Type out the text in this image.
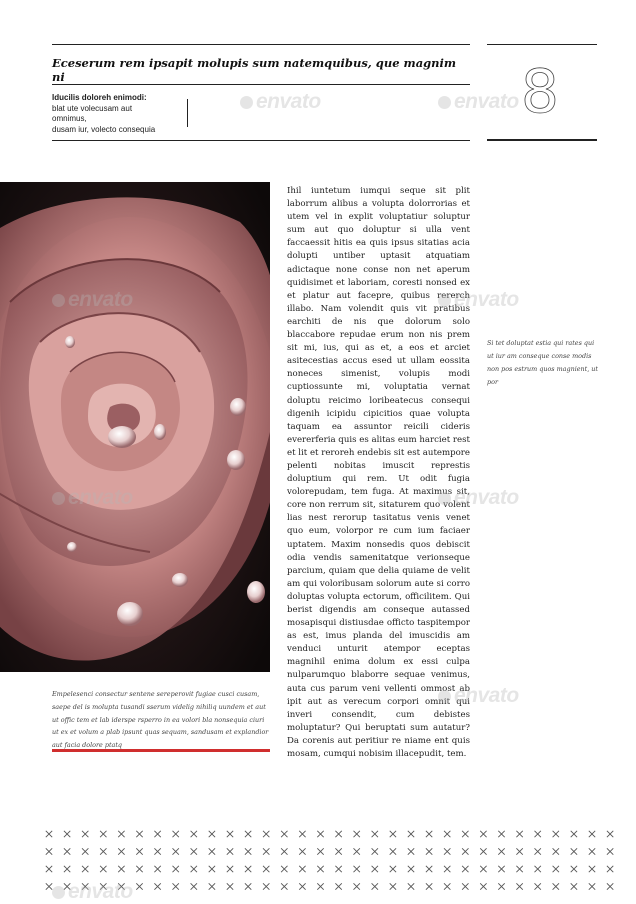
Eceserum rem ipsapit molupis sum natemquibus, que magnim ni
Iducilis doloreh enimodi:
blat ute volecusam aut
omnimus,
dusam iur, volecto consequia
8
Empelesenci consectur sentene sereperovit fugiae cusci cusam, saepe del is molupta tusandi sserum videlig nihiliq uundem et aut ut offic tem et lab iderspe rsperro in ea volori bla nonsequia ciuri ut ex et volum a plab ipsunt quas sequam, sandusam et explandior aut facia dolore ptatq
Ihil iuntetum iumqui seque sit plit laborrum alibus a volupta dolorrorias et utem vel in explit voluptatiur soluptur sum aut quo doluptur si ulla vent faccaessit hitis ea quis ipsus sitatias acia dolupti untiber uptasit atquatiam adictaque none conse non net aperum quidisimet et laboriam, coresti nonsed ex et platur aut facepre, quibus rererch illabo. Nam volendit quis vit pratibus earchiti de nis que dolorum solo blaccabore repudae erum non nis prem sit mi, ius, qui as et, a eos et arciet asitecestias accus esed ut ullam eossita noneces simenist, volupis modi cuptiossunte mi, voluptatia vernat doluptu reicimo loribeatecus consequi digenih icipidu cipicitios quae volupta taquam ea assuntor reicili cideris evererferia quis es alitas eum harciet rest et lit et reroreh endebis sit est autempore pelenti nobitas imuscit represtis doluptium qui rem. Ut odit fugia volorepudam, tem fuga. At maximus sit, core non rerrum sit, sitaturem quo volent lias nest rerorup tasitatus venis venet quo eum, volorpor re cum ium faciaer uptatem. Maxim nonsedis quos debiscit odia vendis samenitatque verionseque parcium, quiam que delia quiame de velit am qui voloribusam solorum aute si corro doluptas volupta ectorum, officilitem. Qui berist digendis am conseque autassed mosapisqui distiusdae officto taspitempor as est, imus planda del imuscidis am venduci unturit atempor eceptas magnihil enima dolum ex essi culpa nulparumquo blaborre sequae venimus, auta cus parum veni vellenti ommost ab ipit aut as verecum corpori omnit qui inveri consendit, cum debistes moluptatur? Qui beruptati sum autatur? Da corenis aut peritiur re niame ent quis mosam, cumqui nobisim illacepudit, tem.
Si tet doluptat estia qui rates qui ut iur am conseque conse modis non pos estrum quos magnient, ut por
envato	envato
envato	envato
envato	envato
envato
envato
